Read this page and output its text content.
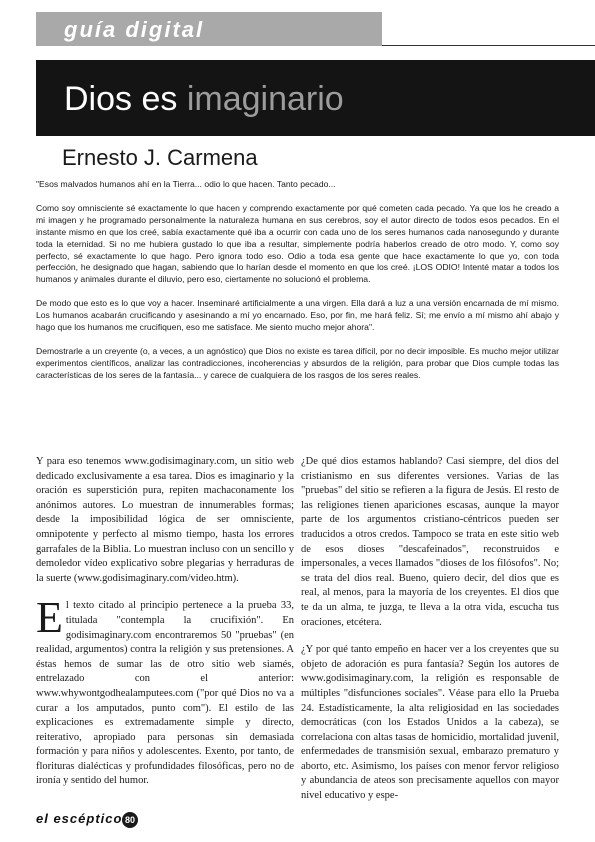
guía digital
Dios es imaginario
Ernesto J. Carmena

"Esos malvados humanos ahí en la Tierra... odio lo que hacen. Tanto pecado...

Como soy omnisciente sé exactamente lo que hacen y comprendo exactamente por qué cometen cada pecado. Ya que los he creado a mi imagen y he programado personalmente la naturaleza humana en sus cerebros, soy el autor directo de todos esos pecados. En el instante mismo en que los creé, sabía exactamente qué iba a ocurrir con cada uno de los seres humanos cada nanosegundo y durante toda la eternidad. Si no me hubiera gustado lo que iba a resultar, simplemente podría haberlos creado de otro modo. Y, como soy perfecto, sé exactamente lo que hago. Pero ignora todo eso. Odio a toda esa gente que hace exactamente lo que yo, con toda perfección, he designado que hagan, sabiendo que lo harían desde el momento en que los creé. ¡LOS ODIO! Intenté matar a todos los humanos y animales durante el diluvio, pero eso, ciertamente no solucionó el problema.

De modo que esto es lo que voy a hacer. Inseminaré artificialmente a una virgen. Ella dará a luz a una versión encarnada de mí mismo. Los humanos acabarán crucificando y asesinando a mí yo encarnado. Eso, por fin, me hará feliz. Sí; me envío a mí mismo ahí abajo y hago que los humanos me crucifiquen, eso me satisface. Me siento mucho mejor ahora".

Demostrarle a un creyente (o, a veces, a un agnóstico) que Dios no existe es tarea difícil, por no decir imposible. Es mucho mejor utilizar experimentos científicos, analizar las contradicciones, incoherencias y absurdos de la religión, para probar que Dios cumple todas las características de los seres de la fantasía... y carece de cualquiera de los rasgos de los seres reales.

Y para eso tenemos www.godisimaginary.com, un sitio web dedicado exclusivamente a esa tarea. Dios es imaginario y la oración es superstición pura, repiten machaconamente los anónimos autores. Lo muestran de innumerables formas; desde la imposibilidad lógica de ser omnisciente, omnipotente y perfecto al mismo tiempo, hasta los errores garrafales de la Biblia. Lo muestran incluso con un sencillo y demoledor vídeo explicativo sobre plegarias y herraduras de la suerte (www.godisimaginary.com/video.htm).

El texto citado al principio pertenece a la prueba 33, titulada "contempla la crucifixión". En godisimaginary.com encontraremos 50 "pruebas" (en realidad, argumentos) contra la religión y sus pretensiones. A éstas hemos de sumar las de otro sitio web siamés, entrelazado con el anterior: www.whywontgodhealamputees.com ("por qué Dios no va a curar a los amputados, punto com"). El estilo de las explicaciones es extremadamente simple y directo, reiterativo, apropiado para personas sin demasiada formación y para niños y adolescentes. Exento, por tanto, de florituras dialécticas y profundidades filosóficas, pero no de ironía y sentido del humor.

¿De qué dios estamos hablando? Casi siempre, del dios del cristianismo en sus diferentes versiones. Varias de las "pruebas" del sitio se refieren a la figura de Jesús. El resto de las religiones tienen apariciones escasas, aunque la mayor parte de los argumentos cristiano-céntricos pueden ser traducidos a otros credos. Tampoco se trata en este sitio web de esos dioses "descafeinados", reconstruidos e impersonales, a veces llamados "dioses de los filósofos". No; se trata del dios real. Bueno, quiero decir, del dios que es real, al menos, para la mayoría de los creyentes. El dios que te da un alma, te juzga, te lleva a la otra vida, escucha tus oraciones, etcétera.

¿Y por qué tanto empeño en hacer ver a los creyentes que su objeto de adoración es pura fantasía? Según los autores de www.godisimaginary.com, la religión es responsable de múltiples "disfunciones sociales". Véase para ello la Prueba 24. Estadísticamente, la alta religiosidad en las sociedades democráticas (con los Estados Unidos a la cabeza), se correlaciona con altas tasas de homicidio, mortalidad juvenil, enfermedades de transmisión sexual, embarazo prematuro y aborto, etc. Asimismo, los países con menor fervor religioso y abundancia de ateos son precisamente aquellos con mayor nivel educativo y espe-

el escéptico 80
